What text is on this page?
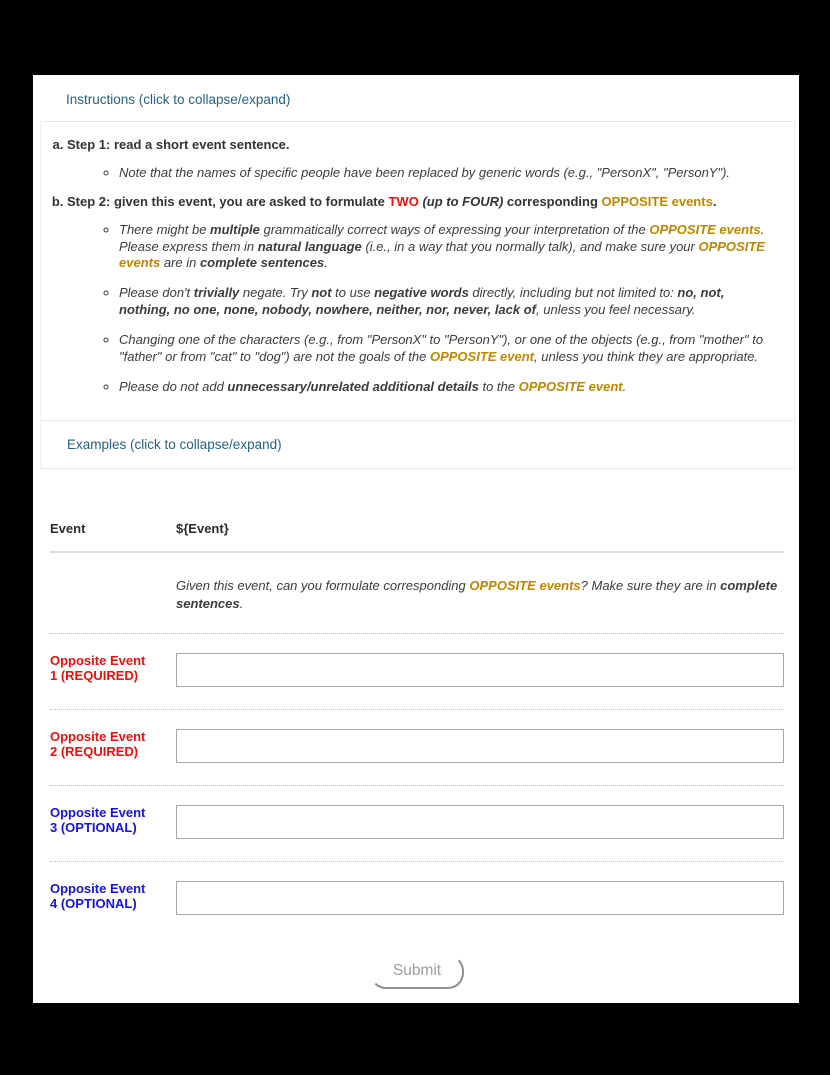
Instructions (click to collapse/expand)
a. Step 1: read a short event sentence.
◦ Note that the names of specific people have been replaced by generic words (e.g., "PersonX", "PersonY").
b. Step 2: given this event, you are asked to formulate TWO (up to FOUR) corresponding OPPOSITE events.
◦ There might be multiple grammatically correct ways of expressing your interpretation of the OPPOSITE events. Please express them in natural language (i.e., in a way that you normally talk), and make sure your OPPOSITE events are in complete sentences.
◦ Please don't trivially negate. Try not to use negative words directly, including but not limited to: no, not, nothing, no one, none, nobody, nowhere, neither, nor, never, lack of, unless you feel necessary.
◦ Changing one of the characters (e.g., from "PersonX" to "PersonY"), or one of the objects (e.g., from "mother" to "father" or from "cat" to "dog") are not the goals of the OPPOSITE event, unless you think they are appropriate.
◦ Please do not add unnecessary/unrelated additional details to the OPPOSITE event.
Examples (click to collapse/expand)
Event	${Event}
Given this event, can you formulate corresponding OPPOSITE events? Make sure they are in complete sentences.
Opposite Event 1 (REQUIRED)
Opposite Event 2 (REQUIRED)
Opposite Event 3 (OPTIONAL)
Opposite Event 4 (OPTIONAL)
Submit
